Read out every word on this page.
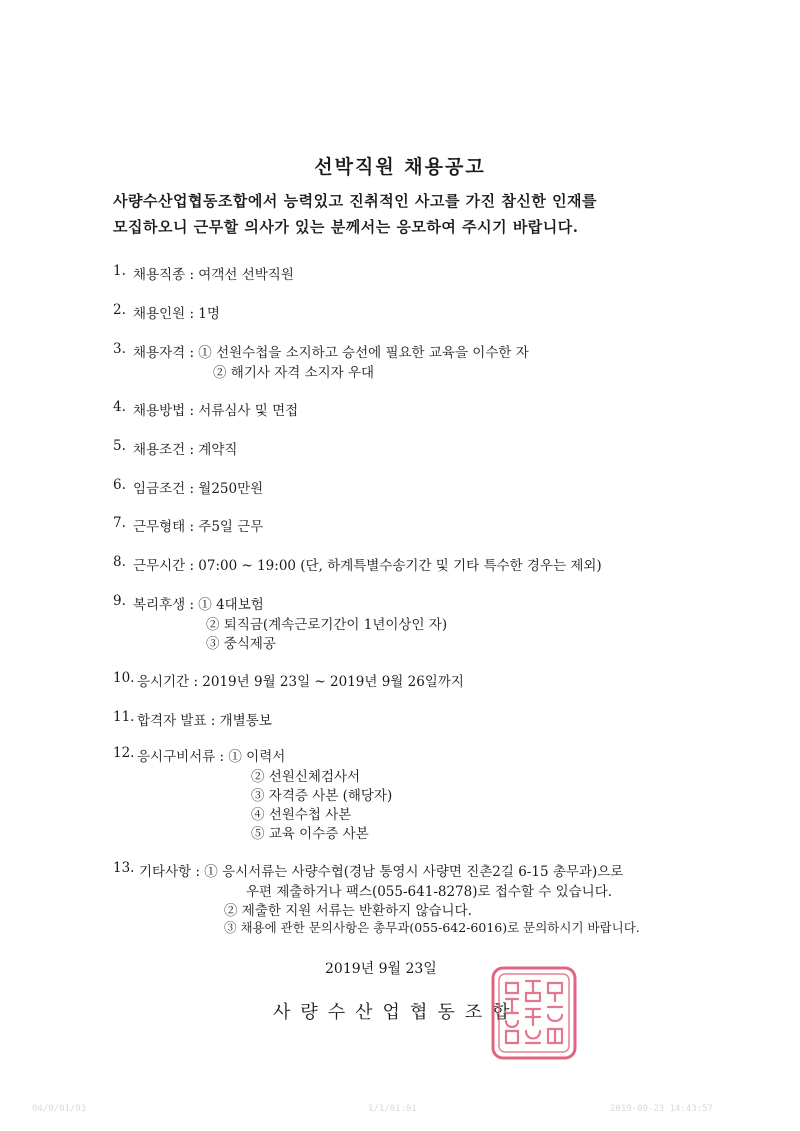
선박직원 채용공고
사량수산업협동조합에서 능력있고 진취적인 사고를 가진 참신한 인재를
모집하오니 근무할 의사가 있는 분께서는 응모하여 주시기 바랍니다.
1. 채용직종 : 여객선 선박직원
2. 채용인원 : 1명
3. 채용자격 : ① 선원수첩을 소지하고 승선에 필요한 교육을 이수한 자
② 해기사 자격 소지자 우대
4. 채용방법 : 서류심사 및 면접
5. 채용조건 : 계약직
6. 임금조건 : 월250만원
7. 근무형태 : 주5일 근무
8. 근무시간 : 07:00 ~ 19:00 (단, 하계특별수송기간 및 기타 특수한 경우는 제외)
9. 복리후생 : ① 4대보험
② 퇴직금(계속근로기간이 1년이상인 자)
③ 중식제공
10. 응시기간 : 2019년 9월 23일 ~ 2019년 9월 26일까지
11. 합격자 발표 : 개별통보
12. 응시구비서류 : ① 이력서
② 선원신체검사서
③ 자격증 사본 (해당자)
④ 선원수첩 사본
⑤ 교육 이수증 사본
13. 기타사항 : ① 응시서류는 사량수협(경남 통영시 사량면 진촌2길 6-15 총무과)으로
우편 제출하거나 팩스(055-641-8278)로 접수할 수 있습니다.
② 제출한 지원 서류는 반환하지 않습니다.
③ 채용에 관한 문의사항은 총무과(055-642-6016)로 문의하시기 바랍니다.
2019년 9월 23일
사량수산업협동조합
04/9/01/93	1/1/01:01	2019-09-23 14:43:57
